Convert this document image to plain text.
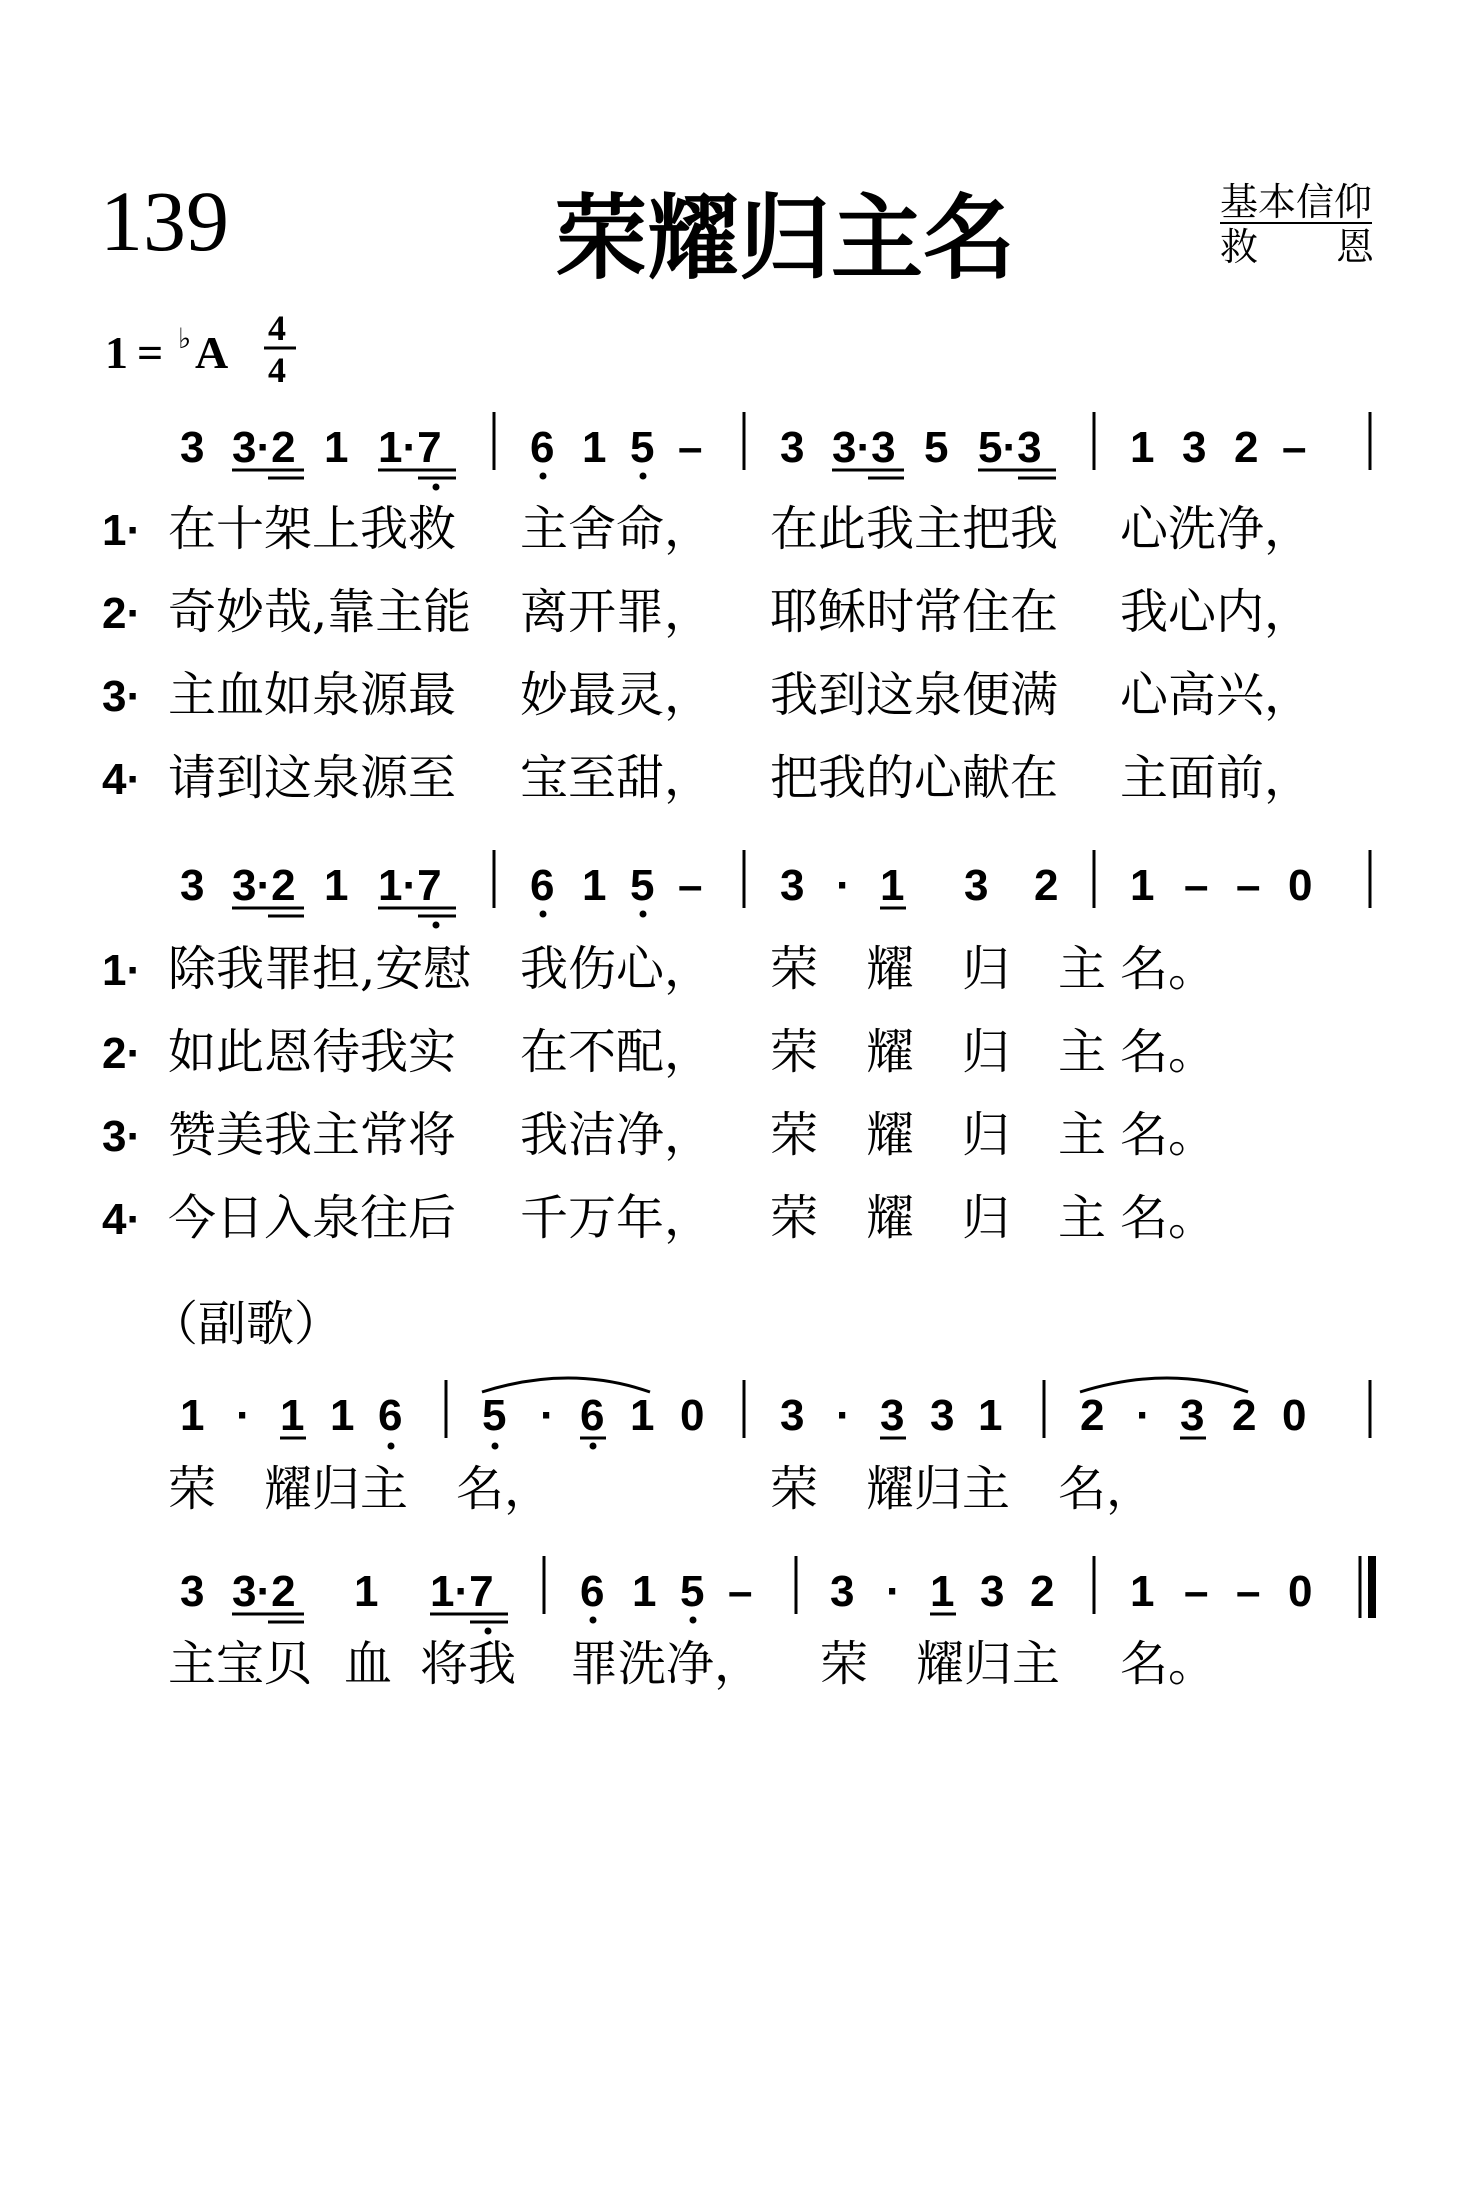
139	荣耀归主名	基本信仰
救 恩
1 = ♭ A 4
4
3 3·2 1 1·7 6 1 5 – 3 3·3 5 5·3 1 3 2 –
1· 在十架上我救 主舍命， 在此我主把我 心洗净，
2· 奇妙哉,靠主能 离开罪， 耶稣时常住在 我心内，
3· 主血如泉源最 妙最灵， 我到这泉便满 心高兴，
4· 请到这泉源至 宝至甜， 把我的心献在 主面前，
3 3·2 1 1·7 6 1 5 – 3 · 1 3 2 1 – – 0
1· 除我罪担,安慰 我伤心， 荣　耀　归　主 名。
2· 如此恩待我实 在不配， 荣　耀　归　主 名。
3· 赞美我主常将 我洁净， 荣　耀　归　主 名。
4· 今日入泉往后 千万年， 荣　耀　归　主 名。
（副歌）
1 · 1 1 6 5 · 6 1 0 3 · 3 3 1 2 · 3 2 0
荣　耀归主　名，	荣　耀归主　名，
3 3·2 1 1·7 6 1 5 – 3 · 1 3 2 1 – – 0
主宝贝 血 将我 罪洗净， 荣　耀归主 名。
